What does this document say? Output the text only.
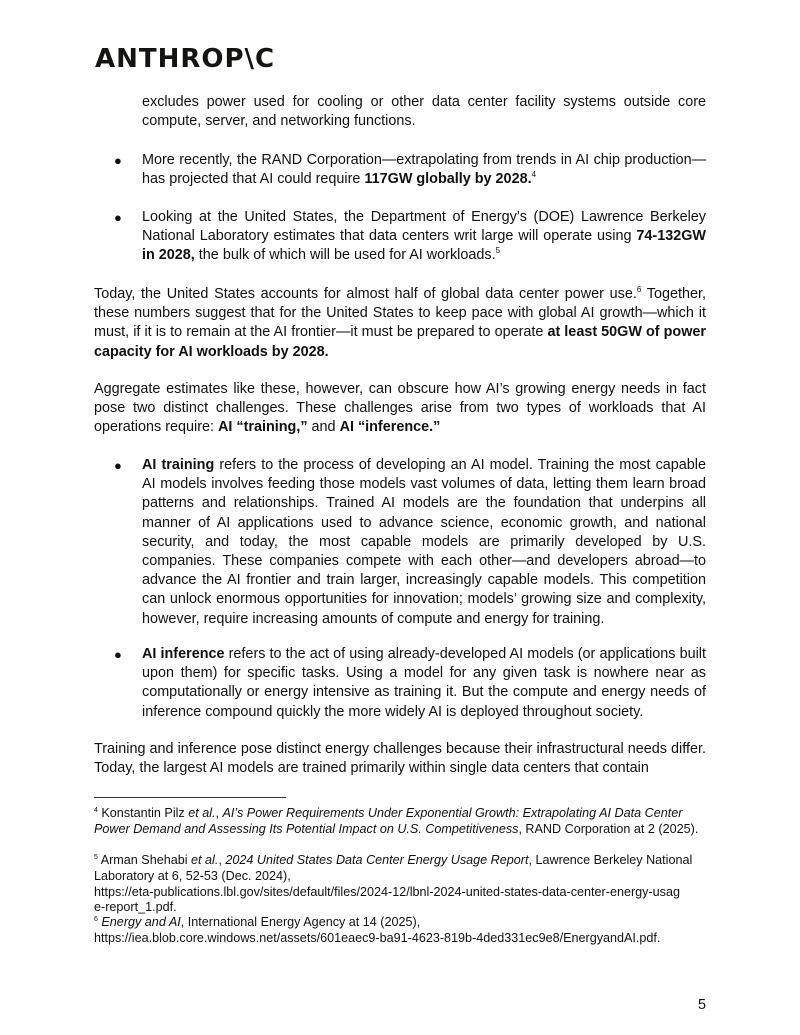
ANTHROP\C
excludes power used for cooling or other data center facility systems outside core compute, server, and networking functions.
● More recently, the RAND Corporation—extrapolating from trends in AI chip production—has projected that AI could require 117GW globally by 2028.$^4$
● Looking at the United States, the Department of Energy’s (DOE) Lawrence Berkeley National Laboratory estimates that data centers writ large will operate using 74-132GW in 2028, the bulk of which will be used for AI workloads.$^5$
Today, the United States accounts for almost half of global data center power use.$^6$ Together, these numbers suggest that for the United States to keep pace with global AI growth—which it must, if it is to remain at the AI frontier—it must be prepared to operate at least 50GW of power capacity for AI workloads by 2028.
Aggregate estimates like these, however, can obscure how AI’s growing energy needs in fact pose two distinct challenges. These challenges arise from two types of workloads that AI operations require: AI “training,” and AI “inference.”
● AI training refers to the process of developing an AI model. Training the most capable AI models involves feeding those models vast volumes of data, letting them learn broad patterns and relationships. Trained AI models are the foundation that underpins all manner of AI applications used to advance science, economic growth, and national security, and today, the most capable models are primarily developed by U.S. companies. These companies compete with each other—and developers abroad—to advance the AI frontier and train larger, increasingly capable models. This competition can unlock enormous opportunities for innovation; models’ growing size and complexity, however, require increasing amounts of compute and energy for training.
● AI inference refers to the act of using already-developed AI models (or applications built upon them) for specific tasks. Using a model for any given task is nowhere near as computationally or energy intensive as training it. But the compute and energy needs of inference compound quickly the more widely AI is deployed throughout society.
Training and inference pose distinct energy challenges because their infrastructural needs differ. Today, the largest AI models are trained primarily within single data centers that contain
$^4$ Konstantin Pilz et al., AI’s Power Requirements Under Exponential Growth: Extrapolating AI Data Center Power Demand and Assessing Its Potential Impact on U.S. Competitiveness, RAND Corporation at 2 (2025).
$^5$ Arman Shehabi et al., 2024 United States Data Center Energy Usage Report, Lawrence Berkeley National Laboratory at 6, 52-53 (Dec. 2024),
https://eta-publications.lbl.gov/sites/default/files/2024-12/lbnl-2024-united-states-data-center-energy-usag
e-report_1.pdf.
$^6$ Energy and AI, International Energy Agency at 14 (2025),
https://iea.blob.core.windows.net/assets/601eaec9-ba91-4623-819b-4ded331ec9e8/EnergyandAI.pdf.
5
